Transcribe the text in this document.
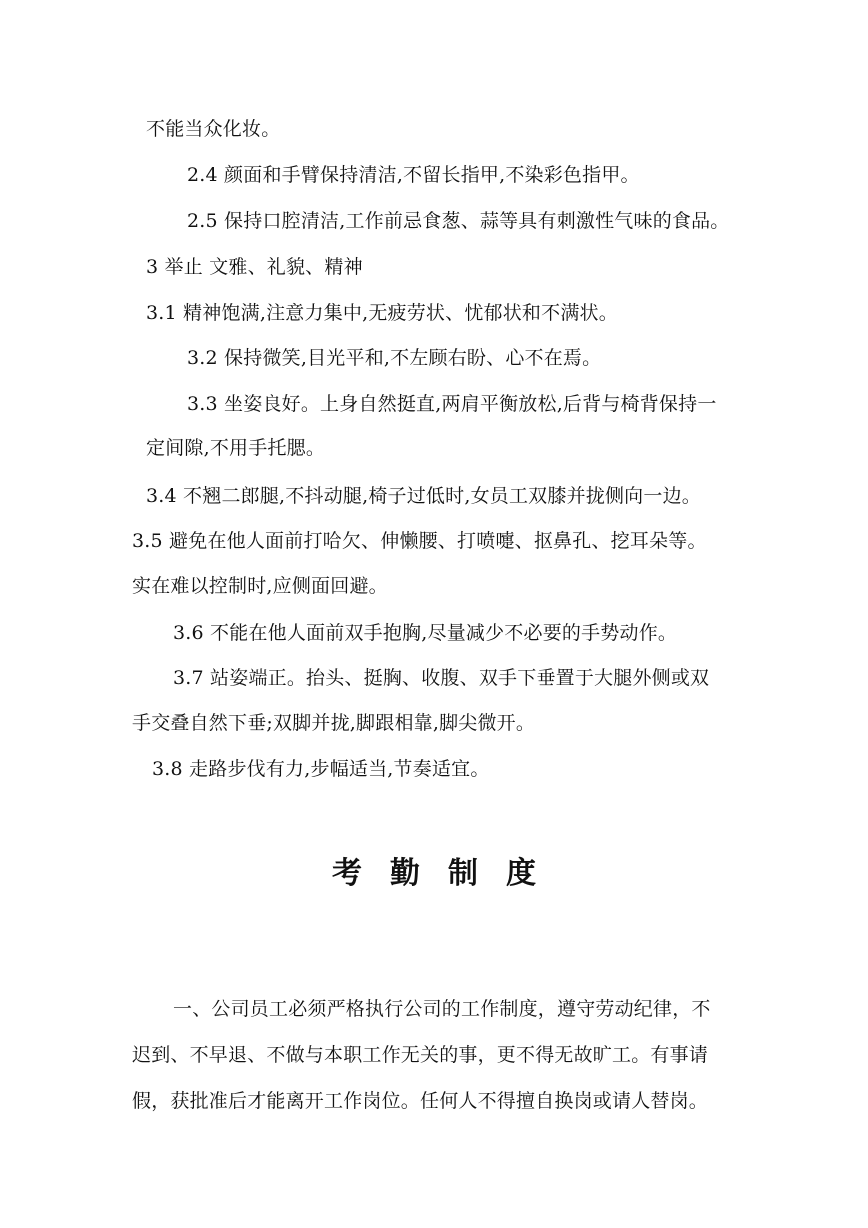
不能当众化妆。
2.4 颜面和手臂保持清洁,不留长指甲,不染彩色指甲。
2.5 保持口腔清洁,工作前忌食葱、蒜等具有刺激性气味的食品。
3 举止 文雅、礼貌、精神
3.1 精神饱满,注意力集中,无疲劳状、忧郁状和不满状。
3.2 保持微笑,目光平和,不左顾右盼、心不在焉。
3.3 坐姿良好。上身自然挺直,两肩平衡放松,后背与椅背保持一
定间隙,不用手托腮。
3.4 不翘二郎腿,不抖动腿,椅子过低时,女员工双膝并拢侧向一边。
3.5 避免在他人面前打哈欠、伸懒腰、打喷嚏、抠鼻孔、挖耳朵等。
实在难以控制时,应侧面回避。
3.6 不能在他人面前双手抱胸,尽量减少不必要的手势动作。
3.7 站姿端正。抬头、挺胸、收腹、双手下垂置于大腿外侧或双
手交叠自然下垂;双脚并拢,脚跟相靠,脚尖微开。
3.8 走路步伐有力,步幅适当,节奏适宜。
考勤制度
一、公司员工必须严格执行公司的工作制度，遵守劳动纪律，不
迟到、不早退、不做与本职工作无关的事，更不得无故旷工。有事请
假，获批准后才能离开工作岗位。任何人不得擅自换岗或请人替岗。
